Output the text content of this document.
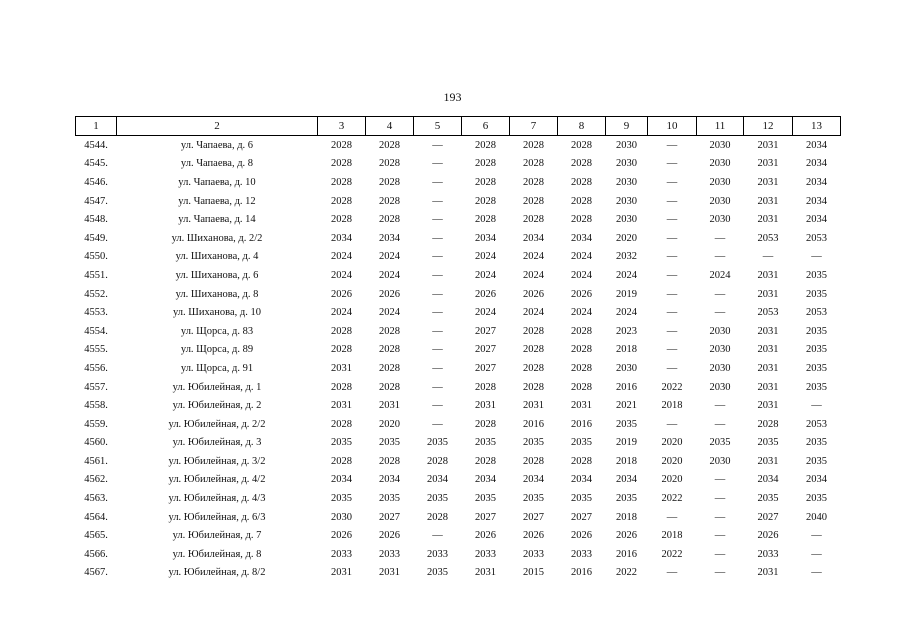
193
1	2	3	4	5	6	7	8	9	10	11	12	13
4544.	ул. Чапаева, д. 6	2028	2028	—	2028	2028	2028	2030	—	2030	2031	2034
4545.	ул. Чапаева, д. 8	2028	2028	—	2028	2028	2028	2030	—	2030	2031	2034
4546.	ул. Чапаева, д. 10	2028	2028	—	2028	2028	2028	2030	—	2030	2031	2034
4547.	ул. Чапаева, д. 12	2028	2028	—	2028	2028	2028	2030	—	2030	2031	2034
4548.	ул. Чапаева, д. 14	2028	2028	—	2028	2028	2028	2030	—	2030	2031	2034
4549.	ул. Шиханова, д. 2/2	2034	2034	—	2034	2034	2034	2020	—	—	2053	2053
4550.	ул. Шиханова, д. 4	2024	2024	—	2024	2024	2024	2032	—	—	—	—
4551.	ул. Шиханова, д. 6	2024	2024	—	2024	2024	2024	2024	—	2024	2031	2035
4552.	ул. Шиханова, д. 8	2026	2026	—	2026	2026	2026	2019	—	—	2031	2035
4553.	ул. Шиханова, д. 10	2024	2024	—	2024	2024	2024	2024	—	—	2053	2053
4554.	ул. Щорса, д. 83	2028	2028	—	2027	2028	2028	2023	—	2030	2031	2035
4555.	ул. Щорса, д. 89	2028	2028	—	2027	2028	2028	2018	—	2030	2031	2035
4556.	ул. Щорса, д. 91	2031	2028	—	2027	2028	2028	2030	—	2030	2031	2035
4557.	ул. Юбилейная, д. 1	2028	2028	—	2028	2028	2028	2016	2022	2030	2031	2035
4558.	ул. Юбилейная, д. 2	2031	2031	—	2031	2031	2031	2021	2018	—	2031	—
4559.	ул. Юбилейная, д. 2/2	2028	2020	—	2028	2016	2016	2035	—	—	2028	2053
4560.	ул. Юбилейная, д. 3	2035	2035	2035	2035	2035	2035	2019	2020	2035	2035	2035
4561.	ул. Юбилейная, д. 3/2	2028	2028	2028	2028	2028	2028	2018	2020	2030	2031	2035
4562.	ул. Юбилейная, д. 4/2	2034	2034	2034	2034	2034	2034	2034	2020	—	2034	2034
4563.	ул. Юбилейная, д. 4/3	2035	2035	2035	2035	2035	2035	2035	2022	—	2035	2035
4564.	ул. Юбилейная, д. 6/3	2030	2027	2028	2027	2027	2027	2018	—	—	2027	2040
4565.	ул. Юбилейная, д. 7	2026	2026	—	2026	2026	2026	2026	2018	—	2026	—
4566.	ул. Юбилейная, д. 8	2033	2033	2033	2033	2033	2033	2016	2022	—	2033	—
4567.	ул. Юбилейная, д. 8/2	2031	2031	2035	2031	2015	2016	2022	—	—	2031	—
